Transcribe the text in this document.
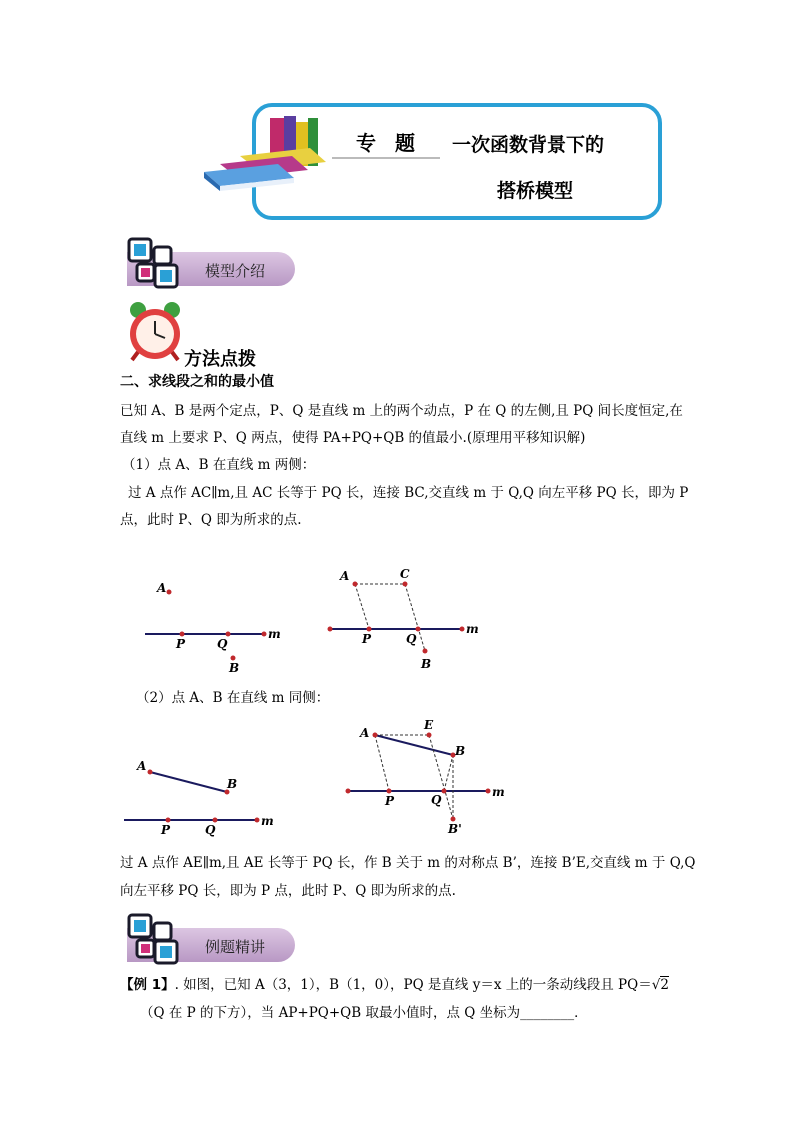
专 题 一次函数背景下的
搭桥模型
模型介绍
方法点拨
二、求线段之和的最小值
已知 A、B 是两个定点，P、Q 是直线 m 上的两个动点，P 在 Q 的左侧,且 PQ 间长度恒定,在
直线 m 上要求 P、Q 两点，使得 PA+PQ+QB 的值最小.(原理用平移知识解)
（1）点 A、B 在直线 m 两侧：
过 A 点作 AC∥m,且 AC 长等于 PQ 长，连接 BC,交直线 m 于 Q,Q 向左平移 PQ 长，即为 P
点，此时 P、Q 即为所求的点.
A
P	Q
m
B
A	C
P	Q
m
B
（2）点 A、B 在直线 m 同侧：
A
B
P	Q
m
A
E
B
P	Q
m
B'
过 A 点作 AE∥m,且 AE 长等于 PQ 长，作 B 关于 m 的对称点 B’，连接 B’E,交直线 m 于 Q,Q
向左平移 PQ 长，即为 P 点，此时 P、Q 即为所求的点.
例题精讲
【例 1】. 如图，已知 A（3，1），B（1，0），PQ 是直线 y＝x 上的一条动线段且 PQ＝√2
（Q 在 P 的下方），当 AP+PQ+QB 取最小值时，点 Q 坐标为________．
